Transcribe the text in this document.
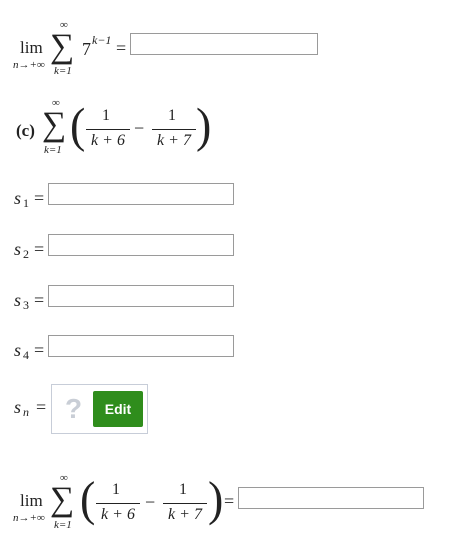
lim
n→+∞
∞
∑
k=1
7 k−1 =
(c)
∞
∑
k=1 (	1
k + 6
−
1
k + 7 )
s 1 =
s 2 =
s 3 =
s 4 =
s n = ?	Edit
lim
n→+∞
∞
∑
k=1 (	1
k + 6
−
1
k + 7 ) =
